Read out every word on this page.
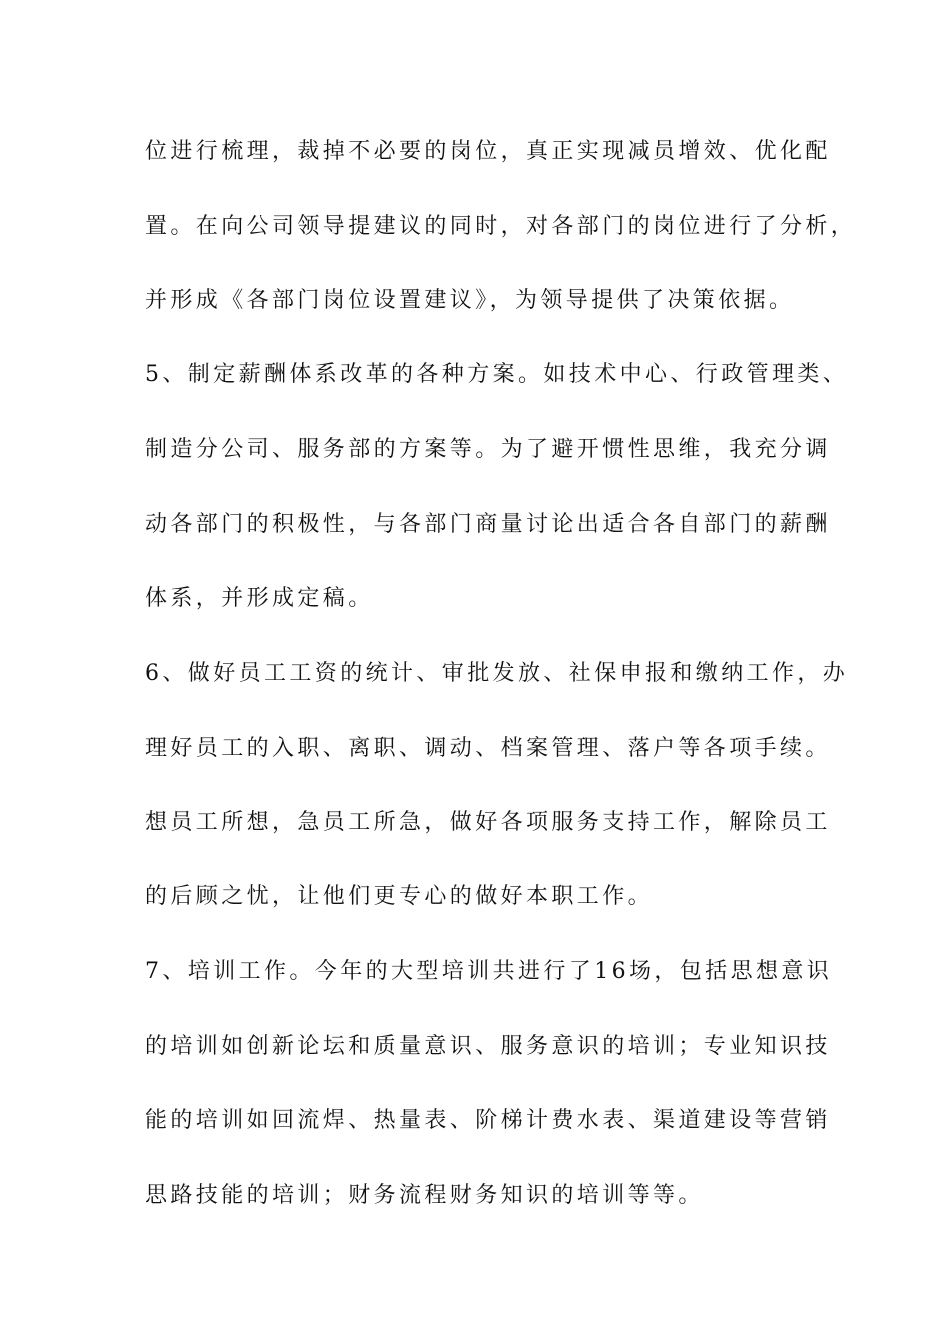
位进行梳理，裁掉不必要的岗位，真正实现减员增效、优化配
置。在向公司领导提建议的同时，对各部门的岗位进行了分析，
并形成《各部门岗位设置建议》，为领导提供了决策依据。
5、制定薪酬体系改革的各种方案。如技术中心、行政管理类、
制造分公司、服务部的方案等。为了避开惯性思维，我充分调
动各部门的积极性，与各部门商量讨论出适合各自部门的薪酬
体系，并形成定稿。
6、做好员工工资的统计、审批发放、社保申报和缴纳工作，办
理好员工的入职、离职、调动、档案管理、落户等各项手续。
想员工所想，急员工所急，做好各项服务支持工作，解除员工
的后顾之忧，让他们更专心的做好本职工作。
7、培训工作。今年的大型培训共进行了16场，包括思想意识
的培训如创新论坛和质量意识、服务意识的培训；专业知识技
能的培训如回流焊、热量表、阶梯计费水表、渠道建设等营销
思路技能的培训；财务流程财务知识的培训等等。
